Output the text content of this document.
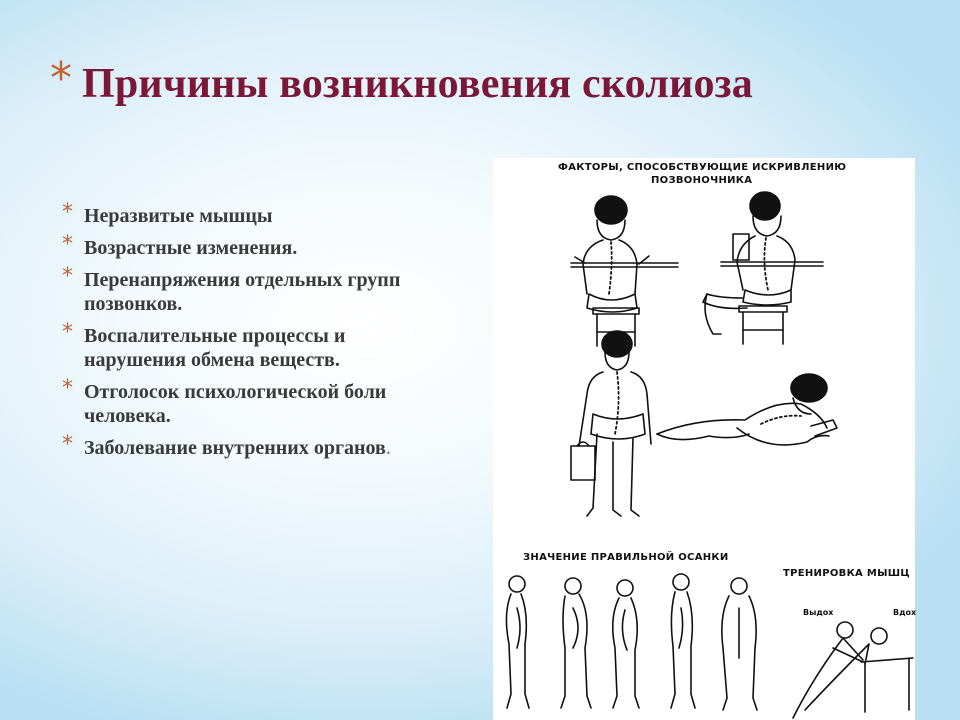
* Причины возникновения сколиоза
* Неразвитые мышцы
* Возрастные изменения.
* Перенапряжения отдельных групп позвонков.
* Воспалительные процессы и нарушения обмена веществ.
* Отголосок психологической боли человека.
* Заболевание внутренних органов.
ФАКТОРЫ, СПОСОБСТВУЮЩИЕ ИСКРИВЛЕНИЮ
ПОЗВОНОЧНИКА
ЗНАЧЕНИЕ ПРАВИЛЬНОЙ ОСАНКИ
ТРЕНИРОВКА МЫШЦ
Выдох	Вдох
